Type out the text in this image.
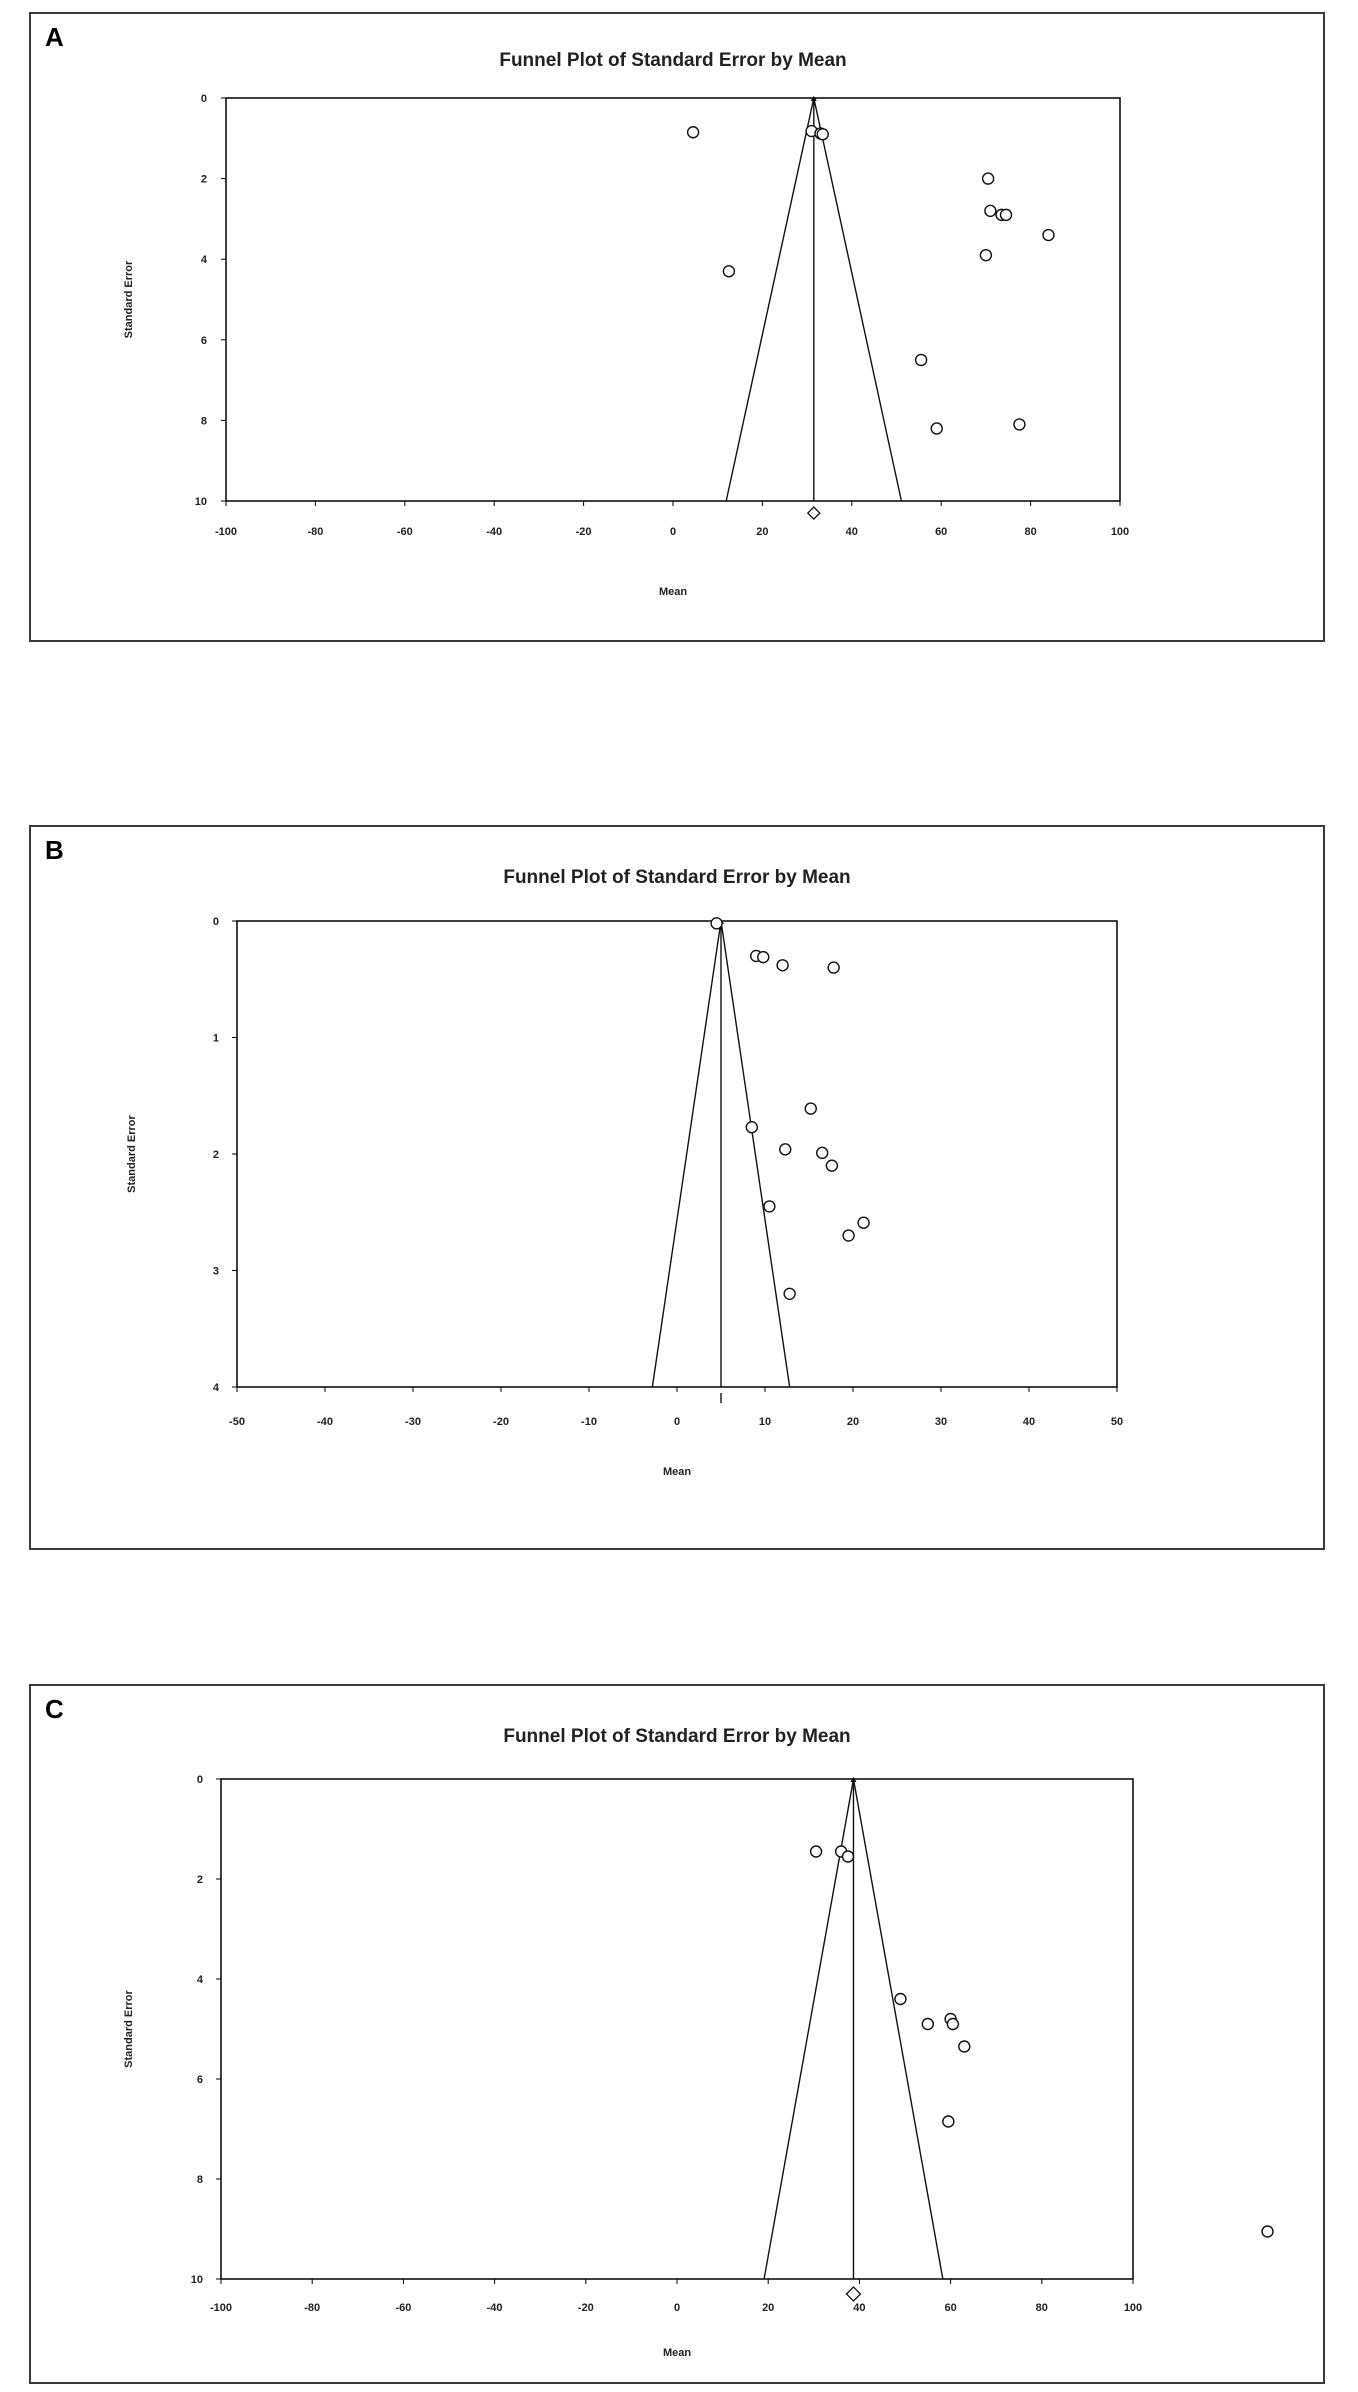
A
Funnel Plot of Standard Error by Mean
-100	-80	-60	-40	-20	0	20	40	60	80	100
0
2
4
6
8
10
Mean
Standard Error
B
Funnel Plot of Standard Error by Mean
-50	-40	-30	-20	-10	0	10	20	30	40	50
0
1
2
3
4
Mean
Standard Error
C
Funnel Plot of Standard Error by Mean
-100	-80	-60	-40	-20	0	20	40	60	80	100
0
2
4
6
8
10
Mean
Standard Error
